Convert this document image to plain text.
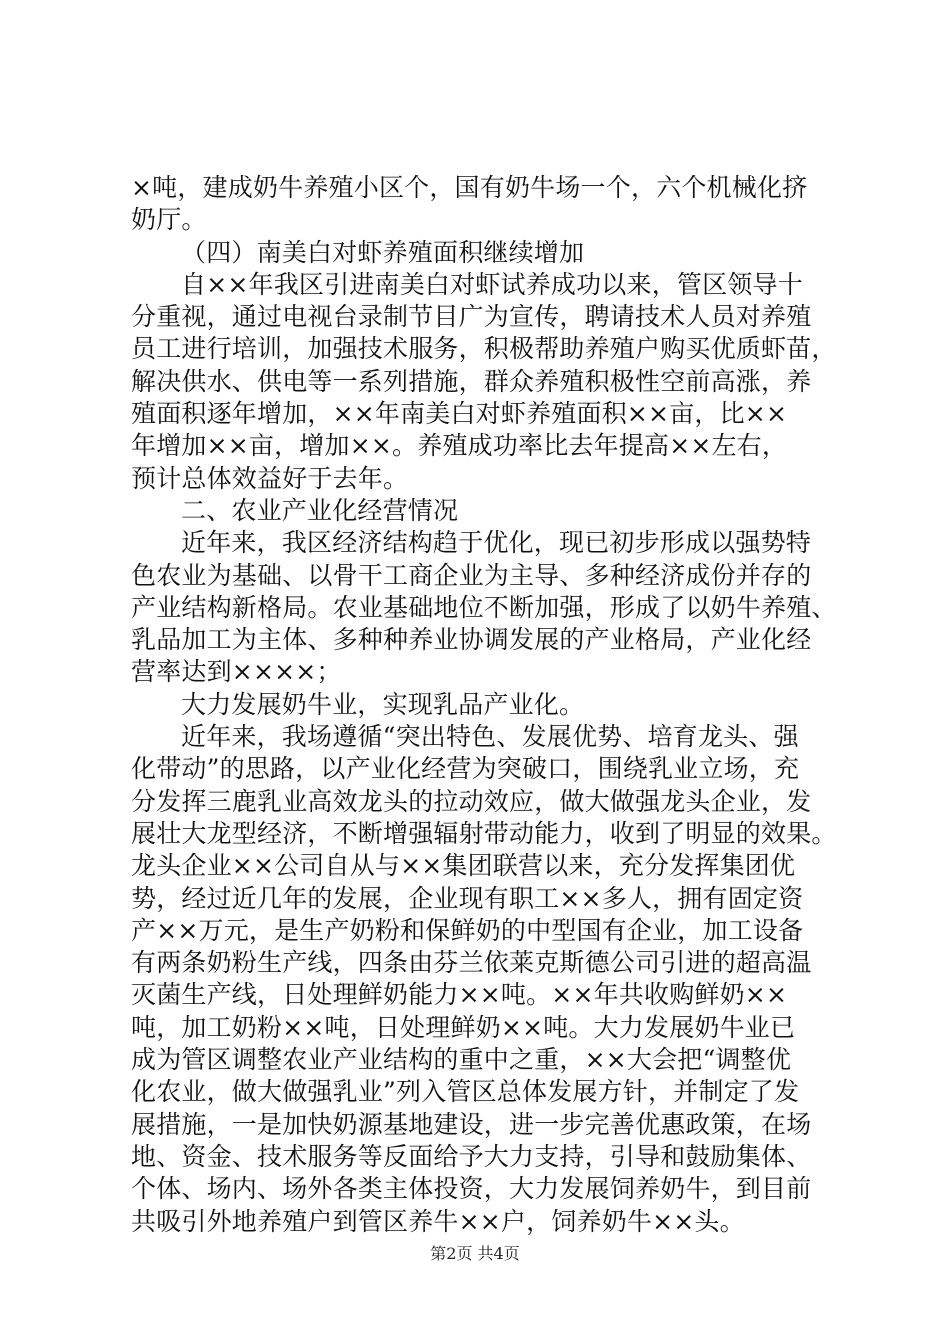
×吨，建成奶牛养殖小区个，国有奶牛场一个，六个机械化挤
奶厅。
（四）南美白对虾养殖面积继续增加
自××年我区引进南美白对虾试养成功以来，管区领导十
分重视，通过电视台录制节目广为宣传，聘请技术人员对养殖
员工进行培训，加强技术服务，积极帮助养殖户购买优质虾苗，
解决供水、供电等一系列措施，群众养殖积极性空前高涨，养
殖面积逐年增加，××年南美白对虾养殖面积××亩，比××
年增加××亩，增加××。养殖成功率比去年提高××左右，
预计总体效益好于去年。
二、农业产业化经营情况
近年来，我区经济结构趋于优化，现已初步形成以强势特
色农业为基础、以骨干工商企业为主导、多种经济成份并存的
产业结构新格局。农业基础地位不断加强，形成了以奶牛养殖、
乳品加工为主体、多种种养业协调发展的产业格局，产业化经
营率达到××××；
大力发展奶牛业，实现乳品产业化。
近年来，我场遵循“突出特色、发展优势、培育龙头、强
化带动”的思路，以产业化经营为突破口，围绕乳业立场，充
分发挥三鹿乳业高效龙头的拉动效应，做大做强龙头企业，发
展壮大龙型经济，不断增强辐射带动能力，收到了明显的效果。
龙头企业××公司自从与××集团联营以来，充分发挥集团优
势，经过近几年的发展，企业现有职工××多人，拥有固定资
产××万元，是生产奶粉和保鲜奶的中型国有企业，加工设备
有两条奶粉生产线，四条由芬兰依莱克斯德公司引进的超高温
灭菌生产线，日处理鲜奶能力××吨。××年共收购鲜奶××
吨，加工奶粉××吨，日处理鲜奶××吨。大力发展奶牛业已
成为管区调整农业产业结构的重中之重，××大会把“调整优
化农业，做大做强乳业”列入管区总体发展方针，并制定了发
展措施，一是加快奶源基地建设，进一步完善优惠政策，在场
地、资金、技术服务等反面给予大力支持，引导和鼓励集体、
个体、场内、场外各类主体投资，大力发展饲养奶牛，到目前
共吸引外地养殖户到管区养牛××户，饲养奶牛××头。
第2页 共4页
